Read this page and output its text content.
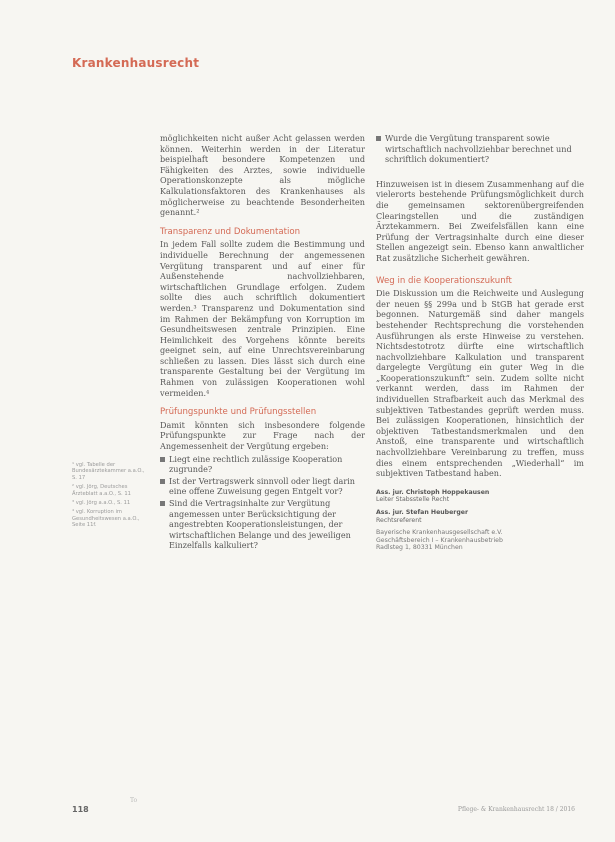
Krankenhausrecht

möglichkeiten nicht außer Acht gelassen werden können. Weiterhin werden in der Literatur beispielhaft besondere Kompetenzen und Fähigkeiten des Arztes, sowie individuelle Operationskonzepte als mögliche Kalkulationsfaktoren des Krankenhauses als möglicherweise zu beachtende Besonderheiten genannt.²

Transparenz und Dokumentation

In jedem Fall sollte zudem die Bestimmung und individuelle Berechnung der angemessenen Vergütung transparent und auf einer für Außenstehende nachvollziehbaren, wirtschaftlichen Grundlage erfolgen. Zudem sollte dies auch schriftlich dokumentiert werden.³ Transparenz und Dokumentation sind im Rahmen der Bekämpfung von Korruption im Gesundheitswesen zentrale Prinzipien. Eine Heimlichkeit des Vorgehens könnte bereits geeignet sein, auf eine Unrechtsvereinbarung schließen zu lassen. Dies lässt sich durch eine transparente Gestaltung bei der Vergütung im Rahmen von zulässigen Kooperationen wohl vermeiden.⁴

Prüfungspunkte und Prüfungsstellen

Damit könnten sich insbesondere folgende Prüfungspunkte zur Frage nach der Angemessenheit der Vergütung ergeben:

Liegt eine rechtlich zulässige Kooperation zugrunde?
Ist der Vertragswerk sinnvoll oder liegt darin eine offene Zuweisung gegen Entgelt vor?
Sind die Vertragsinhalte zur Vergütung angemessen unter Berücksichtigung der angestrebten Kooperationsleistungen, der wirtschaftlichen Belange und des jeweiligen Einzelfalls kalkuliert?
Wurde die Vergütung transparent sowie wirtschaftlich nachvollziehbar berechnet und schriftlich dokumentiert?

Hinzuweisen ist in diesem Zusammenhang auf die vielerorts bestehende Prüfungsmöglichkeit durch die gemeinsamen sektorenübergreifenden Clearingstellen und die zuständigen Ärztekammern. Bei Zweifelsfällen kann eine Prüfung der Vertragsinhalte durch eine dieser Stellen angezeigt sein. Ebenso kann anwaltlicher Rat zusätzliche Sicherheit gewähren.

Weg in die Kooperationszukunft

Die Diskussion um die Reichweite und Auslegung der neuen §§ 299a und b StGB hat gerade erst begonnen. Naturgemäß sind daher mangels bestehender Rechtsprechung die vorstehenden Ausführungen als erste Hinweise zu verstehen. Nichtsdestotrotz dürfte eine wirtschaftlich nachvollziehbare Kalkulation und transparent dargelegte Vergütung ein guter Weg in die „Kooperationszukunft“ sein. Zudem sollte nicht verkannt werden, dass im Rahmen der individuellen Strafbarkeit auch das Merkmal des subjektiven Tatbestandes geprüft werden muss. Bei zulässigen Kooperationen, hinsichtlich der objektiven Tatbestandsmerkmalen und den Anstoß, eine transparente und wirtschaftlich nachvollziehbare Vereinbarung zu treffen, muss dies einem entsprechenden „Wiederhall“ im subjektiven Tatbestand haben.

Ass. jur. Christoph Hoppekausen
Leiter Stabsstelle Recht
Ass. jur. Stefan Heuberger
Rechtsreferent
Bayerische Krankenhausgesellschaft e.V.
Geschäftsbereich I – Krankenhausbetrieb
Radlsteg 1, 80331 München
¹ vgl. Tabelle der Bundesärztekammer a.a.O., S. 17
² vgl. Jörg, Deutsches Ärzteblatt a.a.O., S. 11
³ vgl. Jörg a.a.O., S. 11
⁴ vgl. Korruption im Gesundheitswesen a.a.O., Seite 11f.
To
118	Pflege- & Krankenhausrecht 18 / 2016
